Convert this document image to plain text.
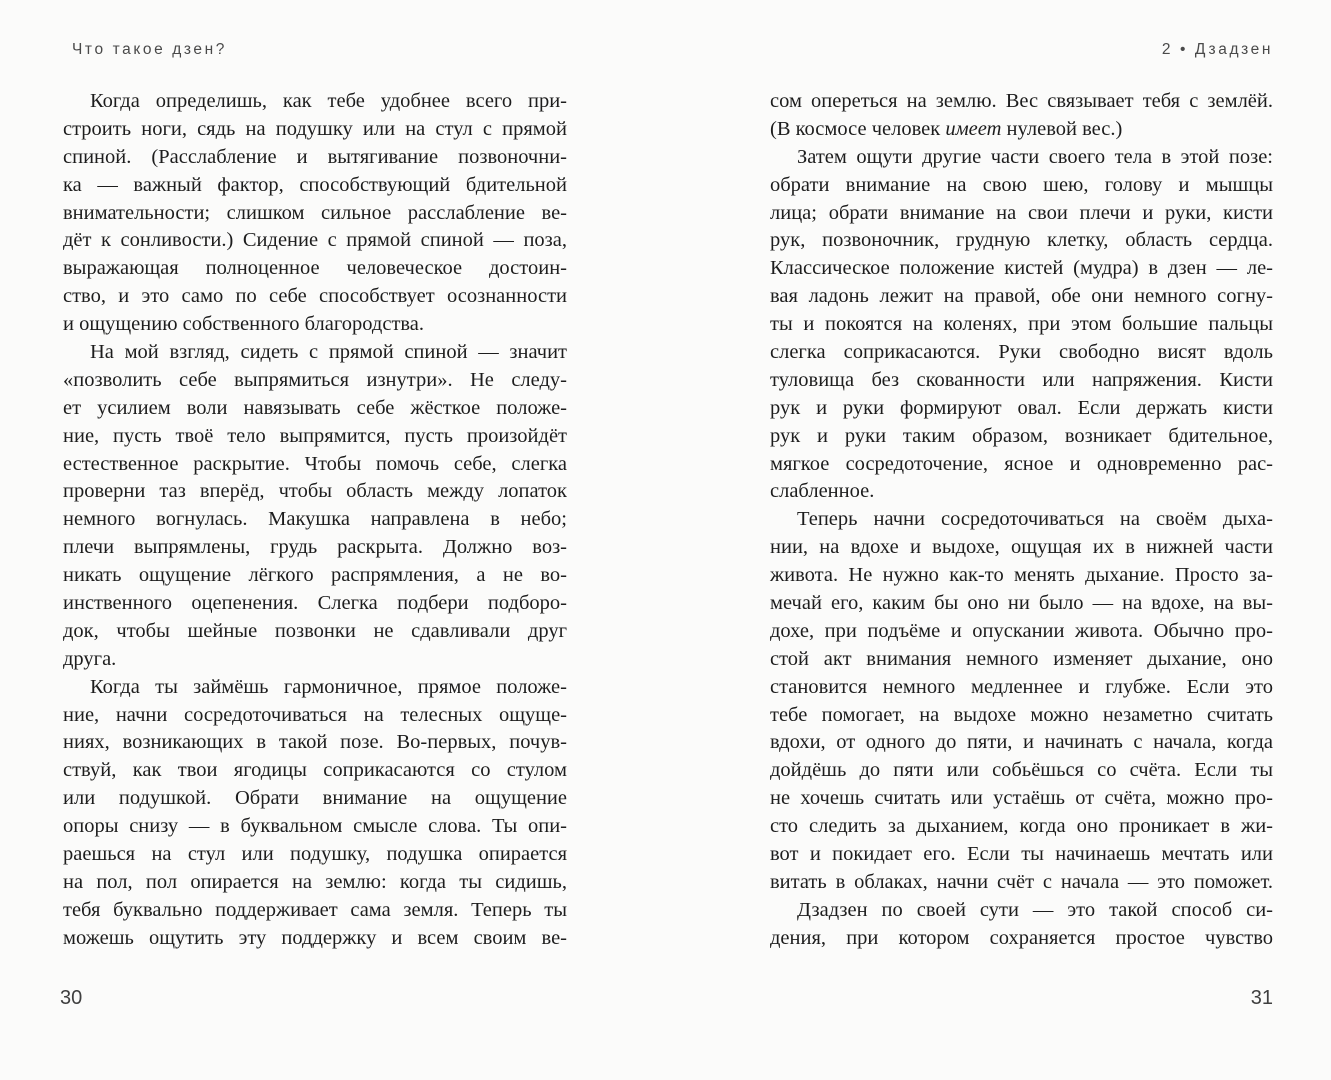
Что такое дзен?
Когда определишь, как тебе удобнее всего при-
строить ноги, сядь на подушку или на стул с прямой
спиной. (Расслабление и вытягивание позвоночни-
ка — важный фактор, способствующий бдительной
внимательности; слишком сильное расслабление ве-
дёт к сонливости.) Сидение с прямой спиной — поза,
выражающая полноценное человеческое достоин-
ство, и это само по себе способствует осознанности
и ощущению собственного благородства.
На мой взгляд, сидеть с прямой спиной — значит
«позволить себе выпрямиться изнутри». Не следу-
ет усилием воли навязывать себе жёсткое положе-
ние, пусть твоё тело выпрямится, пусть произойдёт
естественное раскрытие. Чтобы помочь себе, слегка
проверни таз вперёд, чтобы область между лопаток
немного вогнулась. Макушка направлена в небо;
плечи выпрямлены, грудь раскрыта. Должно воз-
никать ощущение лёгкого распрямления, а не во-
инственного оцепенения. Слегка подбери подборо-
док, чтобы шейные позвонки не сдавливали друг
друга.
Когда ты займёшь гармоничное, прямое положе-
ние, начни сосредоточиваться на телесных ощуще-
ниях, возникающих в такой позе. Во-первых, почув-
ствуй, как твои ягодицы соприкасаются со стулом
или подушкой. Обрати внимание на ощущение
опоры снизу — в буквальном смысле слова. Ты опи-
раешься на стул или подушку, подушка опирается
на пол, пол опирается на землю: когда ты сидишь,
тебя буквально поддерживает сама земля. Теперь ты
можешь ощутить эту поддержку и всем своим ве-
30
2 • Дзадзен
сом опереться на землю. Вес связывает тебя с землёй.
(В космосе человек имеет нулевой вес.)
Затем ощути другие части своего тела в этой позе:
обрати внимание на свою шею, голову и мышцы
лица; обрати внимание на свои плечи и руки, кисти
рук, позвоночник, грудную клетку, область сердца.
Классическое положение кистей (мудра) в дзен — ле-
вая ладонь лежит на правой, обе они немного согну-
ты и покоятся на коленях, при этом большие пальцы
слегка соприкасаются. Руки свободно висят вдоль
туловища без скованности или напряжения. Кисти
рук и руки формируют овал. Если держать кисти
рук и руки таким образом, возникает бдительное,
мягкое сосредоточение, ясное и одновременно рас-
слабленное.
Теперь начни сосредоточиваться на своём дыха-
нии, на вдохе и выдохе, ощущая их в нижней части
живота. Не нужно как-то менять дыхание. Просто за-
мечай его, каким бы оно ни было — на вдохе, на вы-
дохе, при подъёме и опускании живота. Обычно про-
стой акт внимания немного изменяет дыхание, оно
становится немного медленнее и глубже. Если это
тебе помогает, на выдохе можно незаметно считать
вдохи, от одного до пяти, и начинать с начала, когда
дойдёшь до пяти или собьёшься со счёта. Если ты
не хочешь считать или устаёшь от счёта, можно про-
сто следить за дыханием, когда оно проникает в жи-
вот и покидает его. Если ты начинаешь мечтать или
витать в облаках, начни счёт с начала — это поможет.
Дзадзен по своей сути — это такой способ си-
дения, при котором сохраняется простое чувство
31
